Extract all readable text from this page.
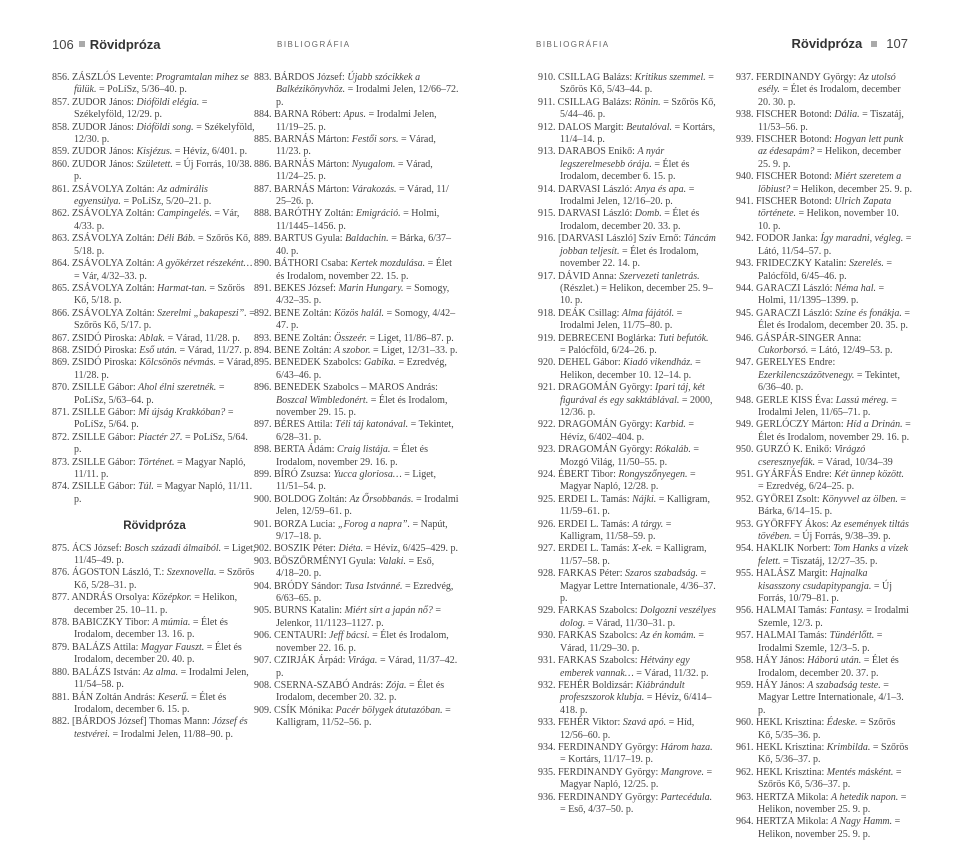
106 Rövidpróza	BIBLIOGRÁFIA	BIBLIOGRÁFIA	Rövidpróza 107
856. ZÁSZLÓS Levente: Programtalan mihez se fülük. = PoLíSz, 5/36–40. p.
857. ZUDOR János: Dióföldi elégia. = Székelyföld, 12/29. p.
858. ZUDOR János: Dióföldi song. = Székelyföld, 12/30. p.
859. ZUDOR János: Kisjézus. = Hévíz, 6/401. p.
860. ZUDOR János: Született. = Új Forrás, 10/38. p.
861. ZSÁVOLYA Zoltán: Az admirális egyensúlya. = PoLíSz, 5/20–21. p.
862. ZSÁVOLYA Zoltán: Campingelés. = Vár, 4/33. p.
863. ZSÁVOLYA Zoltán: Déli Báb. = Szőrös Kő, 5/18. p.
864. ZSÁVOLYA Zoltán: A gyökérzet részeként… = Vár, 4/32–33. p.
865. ZSÁVOLYA Zoltán: Harmat-tan. = Szőrös Kő, 5/18. p.
866. ZSÁVOLYA Zoltán: Szerelmi „bakapeszi”. = Szőrös Kő, 5/17. p.
867. ZSIDÓ Piroska: Ablak. = Várad, 11/28. p.
868. ZSIDÓ Piroska: Eső után. = Várad, 11/27. p.
869. ZSIDÓ Piroska: Kölcsönös névmás. = Várad, 11/28. p.
870. ZSILLE Gábor: Ahol élni szeretnék. = PoLíSz, 5/63–64. p.
871. ZSILLE Gábor: Mi újság Krakkóban? = PoLíSz, 5/64. p.
872. ZSILLE Gábor: Piactér 27. = PoLíSz, 5/64. p.
873. ZSILLE Gábor: Történet. = Magyar Napló, 11/11. p.
874. ZSILLE Gábor: Túl. = Magyar Napló, 11/11. p.
Rövidpróza
875. ÁCS József: Bosch századi álmaiból. = Liget, 11/45–49. p.
876. ÁGOSTON László, T.: Szexnovella. = Szőrös Kő, 5/28–31. p.
877. ANDRÁS Orsolya: Középkor. = Helikon, december 25. 10–11. p.
878. BABICZKY Tibor: A múmia. = Élet és Irodalom, december 13. 16. p.
879. BALÁZS Attila: Magyar Fauszt. = Élet és Irodalom, december 20. 40. p.
880. BALÁZS István: Az alma. = Irodalmi Jelen, 11/54–58. p.
881. BÁN Zoltán András: Keserű. = Élet és Irodalom, december 6. 15. p.
882. [BÁRDOS József] Thomas Mann: József és testvérei. = Irodalmi Jelen, 11/88–90. p.
883. BÁRDOS József: Újabb szócikkek a Balkézikönyvhöz. = Irodalmi Jelen, 12/66–72. p.
884. BARNA Róbert: Apus. = Irodalmi Jelen, 11/19–25. p.
885. BARNÁS Márton: Festői sors. = Várad, 11/23. p.
886. BARNÁS Márton: Nyugalom. = Várad, 11/24–25. p.
887. BARNÁS Márton: Várakozás. = Várad, 11/ 25–26. p.
888. BARÓTHY Zoltán: Emigráció. = Holmi, 11/1445–1456. p.
889. BARTUS Gyula: Baldachin. = Bárka, 6/37–40. p.
890. BÁTHORI Csaba: Kertek mozdulása. = Élet és Irodalom, november 22. 15. p.
891. BEKES József: Marin Hungary. = Somogy, 4/32–35. p.
892. BENE Zoltán: Közös halál. = Somogy, 4/42–47. p.
893. BENE Zoltán: Összeér. = Liget, 11/86–87. p.
894. BENE Zoltán: A szobor. = Liget, 12/31–33. p.
895. BENEDEK Szabolcs: Gabika. = Ezredvég, 6/43–46. p.
896. BENEDEK Szabolcs – MAROS András: Boszcal Wimbledonért. = Élet és Irodalom, november 29. 15. p.
897. BÉRES Attila: Téli táj katonával. = Tekintet, 6/28–31. p.
898. BERTA Ádám: Craig listája. = Élet és Irodalom, november 29. 16. p.
899. BÍRÓ Zsuzsa: Yucca gloriosa… = Liget, 11/51–54. p.
900. BOLDOG Zoltán: Az Őrsobbanás. = Irodalmi Jelen, 12/59–61. p.
901. BORZA Lucia: „Forog a napra”. = Napút, 9/17–18. p.
902. BOSZIK Péter: Diéta. = Hévíz, 6/425–429. p.
903. BÖSZÖRMÉNYI Gyula: Valaki. = Eső, 4/18–20. p.
904. BRÓDY Sándor: Tusa Istvánné. = Ezredvég, 6/63–65. p.
905. BURNS Katalin: Miért sírt a japán nő? = Jelenkor, 11/1123–1127. p.
906. CENTAURI: Jeff bácsi. = Élet és Irodalom, november 22. 16. p.
907. CZIRJÁK Árpád: Virága. = Várad, 11/37–42. p.
908. CSERNA-SZABÓ András: Zója. = Élet és Irodalom, december 20. 32. p.
909. CSÍK Mónika: Pacér bölygek átutazóban. = Kalligram, 11/52–56. p.
910. CSILLAG Balázs: Kritikus szemmel. = Szőrös Kő, 5/43–44. p.
911. CSILLAG Balázs: Rönin. = Szőrös Kő, 5/44–46. p.
912. DALOS Margit: Beutalóval. = Kortárs, 11/4–14. p.
913. DARABOS Enikő: A nyár legszerelmesebb órája. = Élet és Irodalom, december 6. 15. p.
914. DARVASI László: Anya és apa. = Irodalmi Jelen, 12/16–20. p.
915. DARVASI László: Domb. = Élet és Irodalom, december 20. 33. p.
916. [DARVASI László] Szív Ernő: Táncám jobban teljesít. = Élet és Irodalom, november 22. 14. p.
917. DÁVID Anna: Szervezeti tanletrás. (Részlet.) = Helikon, december 25. 9–10. p.
918. DEÁK Csillag: Alma fájától. = Irodalmi Jelen, 11/75–80. p.
919. DEBRECENI Boglárka: Tuti befutók. = Palócföld, 6/24–26. p.
920. DEHEL Gábor: Kiadó vikendház. = Helikon, december 10. 12–14. p.
921. DRAGOMÁN György: Ipari táj, két figurával és egy sakktáblával. = 2000, 12/36. p.
922. DRAGOMÁN György: Karbid. = Hévíz, 6/402–404. p.
923. DRAGOMÁN György: Rókaláb. = Mozgó Világ, 11/50–55. p.
924. ÉBERT Tibor: Rongyszőnyegen. = Magyar Napló, 12/28. p.
925. ERDEI L. Tamás: Nájki. = Kalligram, 11/59–61. p.
926. ERDEI L. Tamás: A tárgy. = Kalligram, 11/58–59. p.
927. ERDEI L. Tamás: X-ek. = Kalligram, 11/57–58. p.
928. FARKAS Péter: Szaros szabadság. = Magyar Lettre Internationale, 4/36–37. p.
929. FARKAS Szabolcs: Dolgozni veszélyes dolog. = Várad, 11/30–31. p.
930. FARKAS Szabolcs: Az én komám. = Várad, 11/29–30. p.
931. FARKAS Szabolcs: Hétvány egy emberek vannak… = Várad, 11/32. p.
932. FEHÉR Boldizsár: Kiábrándult profeszszorok klubja. = Hévíz, 6/414–418. p.
933. FEHÉR Viktor: Szavá apó. = Híd, 12/56–60. p.
934. FERDINANDY György: Három haza. = Kortárs, 11/17–19. p.
935. FERDINANDY György: Mangrove. = Magyar Napló, 12/25. p.
936. FERDINANDY György: Partecédula. = Eső, 4/37–50. p.
937. FERDINANDY György: Az utolsó esély. = Élet és Irodalom, december 20. 30. p.
938. FISCHER Botond: Dália. = Tiszatáj, 11/53–56. p.
939. FISCHER Botond: Hogyan lett punk az édesapám? = Helikon, december 25. 9. p.
940. FISCHER Botond: Miért szeretem a löbiust? = Helikon, december 25. 9. p.
941. FISCHER Botond: Ulrich Zapata története. = Helikon, november 10. 10. p.
942. FODOR Janka: Így maradni, végleg. = Látó, 11/54–57. p.
943. FRIDECZKY Katalin: Szerelés. = Palócföld, 6/45–46. p.
944. GARACZI László: Néma hal. = Holmi, 11/1395–1399. p.
945. GARACZI László: Színe és fonákja. = Élet és Irodalom, december 20. 35. p.
946. GÁSPÁR-SINGER Anna: Cukorborsó. = Látó, 12/49–53. p.
947. GERELYES Endre: Ezerkilencszázötvenegy. = Tekintet, 6/36–40. p.
948. GERLE KISS Éva: Lassú méreg. = Irodalmi Jelen, 11/65–71. p.
949. GERLÓCZY Márton: Híd a Drinán. = Élet és Irodalom, november 29. 16. p.
950. GURZÓ K. Enikő: Virágzó cseresznyefák. = Várad, 10/34–39
951. GYÁRFÁS Endre: Két ünnep között. = Ezredvég, 6/24–25. p.
952. GYÖREI Zsolt: Könyvvel az ölben. = Bárka, 6/14–15. p.
953. GYÖRFFY Ákos: Az események tiltás tövében. = Új Forrás, 9/38–39. p.
954. HAKLIK Norbert: Tom Hanks a vízek felett. = Tiszatáj, 12/27–35. p.
955. HALÁSZ Margit: Hajnalka kisasszony csudapitypangja. = Új Forrás, 10/79–81. p.
956. HALMAI Tamás: Fantasy. = Irodalmi Szemle, 12/3. p.
957. HALMAI Tamás: Tündérlőtt. = Irodalmi Szemle, 12/3–5. p.
958. HÁY János: Háború után. = Élet és Irodalom, december 20. 37. p.
959. HÁY János: A szabadság teste. = Magyar Lettre Internationale, 4/1–3. p.
960. HEKL Krisztina: Édeske. = Szőrös Kő, 5/35–36. p.
961. HEKL Krisztina: Krimbilda. = Szőrös Kő, 5/36–37. p.
962. HEKL Krisztina: Mentés másként. = Szőrös Kő, 5/36–37. p.
963. HERTZA Mikola: A hetedik napon. = Helikon, november 25. 9. p.
964. HERTZA Mikola: A Nagy Hamm. = Helikon, november 25. 9. p.
